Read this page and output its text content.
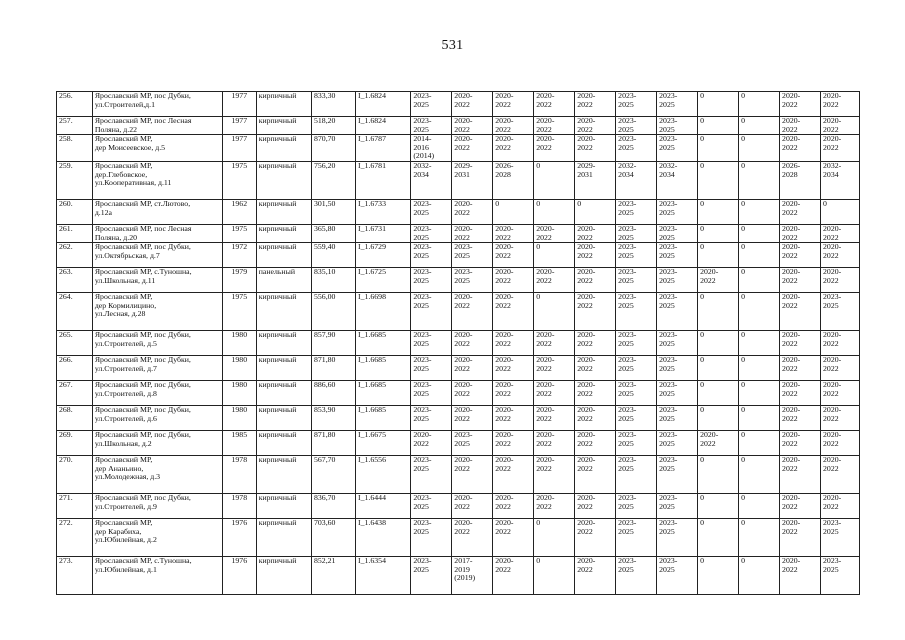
531
256.	Ярославский МР, пос Дубки,
ул.Строителей,д.1	1977	кирпичный	833,30	I_1.6824	2023-
2025	2020-
2022	2020-
2022	2020-
2022	2020-
2022	2023-
2025	2023-
2025	0	0	2020-
2022	2020-
2022
257.	Ярославский МР, пос Лесная
Поляна, д.22	1977	кирпичный	518,20	I_1.6824	2023-
2025	2020-
2022	2020-
2022	2020-
2022	2020-
2022	2023-
2025	2023-
2025	0	0	2020-
2022	2020-
2022
258.	Ярославский МР,
дер Моисеевское, д.5	1977	кирпичный	870,70	I_1.6787	2014-
2016
(2014)	2020-
2022	2020-
2022	2020-
2022	2020-
2022	2023-
2025	2023-
2025	0	0	2020-
2022	2020-
2022
259.	Ярославский МР,
дер.Глебовское,
ул.Кооперативная, д.11	1975	кирпичный	756,20	I_1.6781	2032-
2034	2029-
2031	2026-
2028	0	2029-
2031	2032-
2034	2032-
2034	0	0	2026-
2028	2032-
2034
260.	Ярославский МР, ст.Лютово,
д.12а	1962	кирпичный	301,50	I_1.6733	2023-
2025	2020-
2022	0	0	0	2023-
2025	2023-
2025	0	0	2020-
2022	0
261.	Ярославский МР, пос Лесная
Поляна, д.20	1975	кирпичный	365,80	I_1.6731	2023-
2025	2020-
2022	2020-
2022	2020-
2022	2020-
2022	2023-
2025	2023-
2025	0	0	2020-
2022	2020-
2022
262.	Ярославский МР, пос Дубки,
ул.Октябрьская, д.7	1972	кирпичный	559,40	I_1.6729	2023-
2025	2023-
2025	2020-
2022	0	2020-
2022	2023-
2025	2023-
2025	0	0	2020-
2022	2020-
2022
263.	Ярославский МР, с.Туношна,
ул.Школьная, д.11	1979	панельный	835,10	I_1.6725	2023-
2025	2023-
2025	2020-
2022	2020-
2022	2020-
2022	2023-
2025	2023-
2025	2020-
2022	0	2020-
2022	2020-
2022
264.	Ярославский МР,
дер Кормилицино,
ул.Лесная, д.28	1975	кирпичный	556,00	I_1.6698	2023-
2025	2020-
2022	2020-
2022	0	2020-
2022	2023-
2025	2023-
2025	0	0	2020-
2022	2023-
2025
265.	Ярославский МР, пос Дубки,
ул.Строителей, д.5	1980	кирпичный	857,90	I_1.6685	2023-
2025	2020-
2022	2020-
2022	2020-
2022	2020-
2022	2023-
2025	2023-
2025	0	0	2020-
2022	2020-
2022
266.	Ярославский МР, пос Дубки,
ул.Строителей, д.7	1980	кирпичный	871,80	I_1.6685	2023-
2025	2020-
2022	2020-
2022	2020-
2022	2020-
2022	2023-
2025	2023-
2025	0	0	2020-
2022	2020-
2022
267.	Ярославский МР, пос Дубки,
ул.Строителей, д.8	1980	кирпичный	886,60	I_1.6685	2023-
2025	2020-
2022	2020-
2022	2020-
2022	2020-
2022	2023-
2025	2023-
2025	0	0	2020-
2022	2020-
2022
268.	Ярославский МР, пос Дубки,
ул.Строителей, д.6	1980	кирпичный	853,90	I_1.6685	2023-
2025	2020-
2022	2020-
2022	2020-
2022	2020-
2022	2023-
2025	2023-
2025	0	0	2020-
2022	2020-
2022
269.	Ярославский МР, пос Дубки,
ул.Школьная, д.2	1985	кирпичный	871,80	I_1.6675	2020-
2022	2023-
2025	2020-
2022	2020-
2022	2020-
2022	2023-
2025	2023-
2025	2020-
2022	0	2020-
2022	2020-
2022
270.	Ярославский МР,
дер Ананьино,
ул.Молодежная, д.3	1978	кирпичный	567,70	I_1.6556	2023-
2025	2020-
2022	2020-
2022	2020-
2022	2020-
2022	2023-
2025	2023-
2025	0	0	2020-
2022	2020-
2022
271.	Ярославский МР, пос Дубки,
ул.Строителей, д.9	1978	кирпичный	836,70	I_1.6444	2023-
2025	2020-
2022	2020-
2022	2020-
2022	2020-
2022	2023-
2025	2023-
2025	0	0	2020-
2022	2020-
2022
272.	Ярославский МР,
дер Карабиха,
ул.Юбилейная, д.2	1976	кирпичный	703,60	I_1.6438	2023-
2025	2020-
2022	2020-
2022	0	2020-
2022	2023-
2025	2023-
2025	0	0	2020-
2022	2023-
2025
273.	Ярославский МР, с.Туношна,
ул.Юбилейная, д.1	1976	кирпичный	852,21	I_1.6354	2023-
2025	2017-
2019
(2019)	2020-
2022	0	2020-
2022	2023-
2025	2023-
2025	0	0	2020-
2022	2023-
2025
